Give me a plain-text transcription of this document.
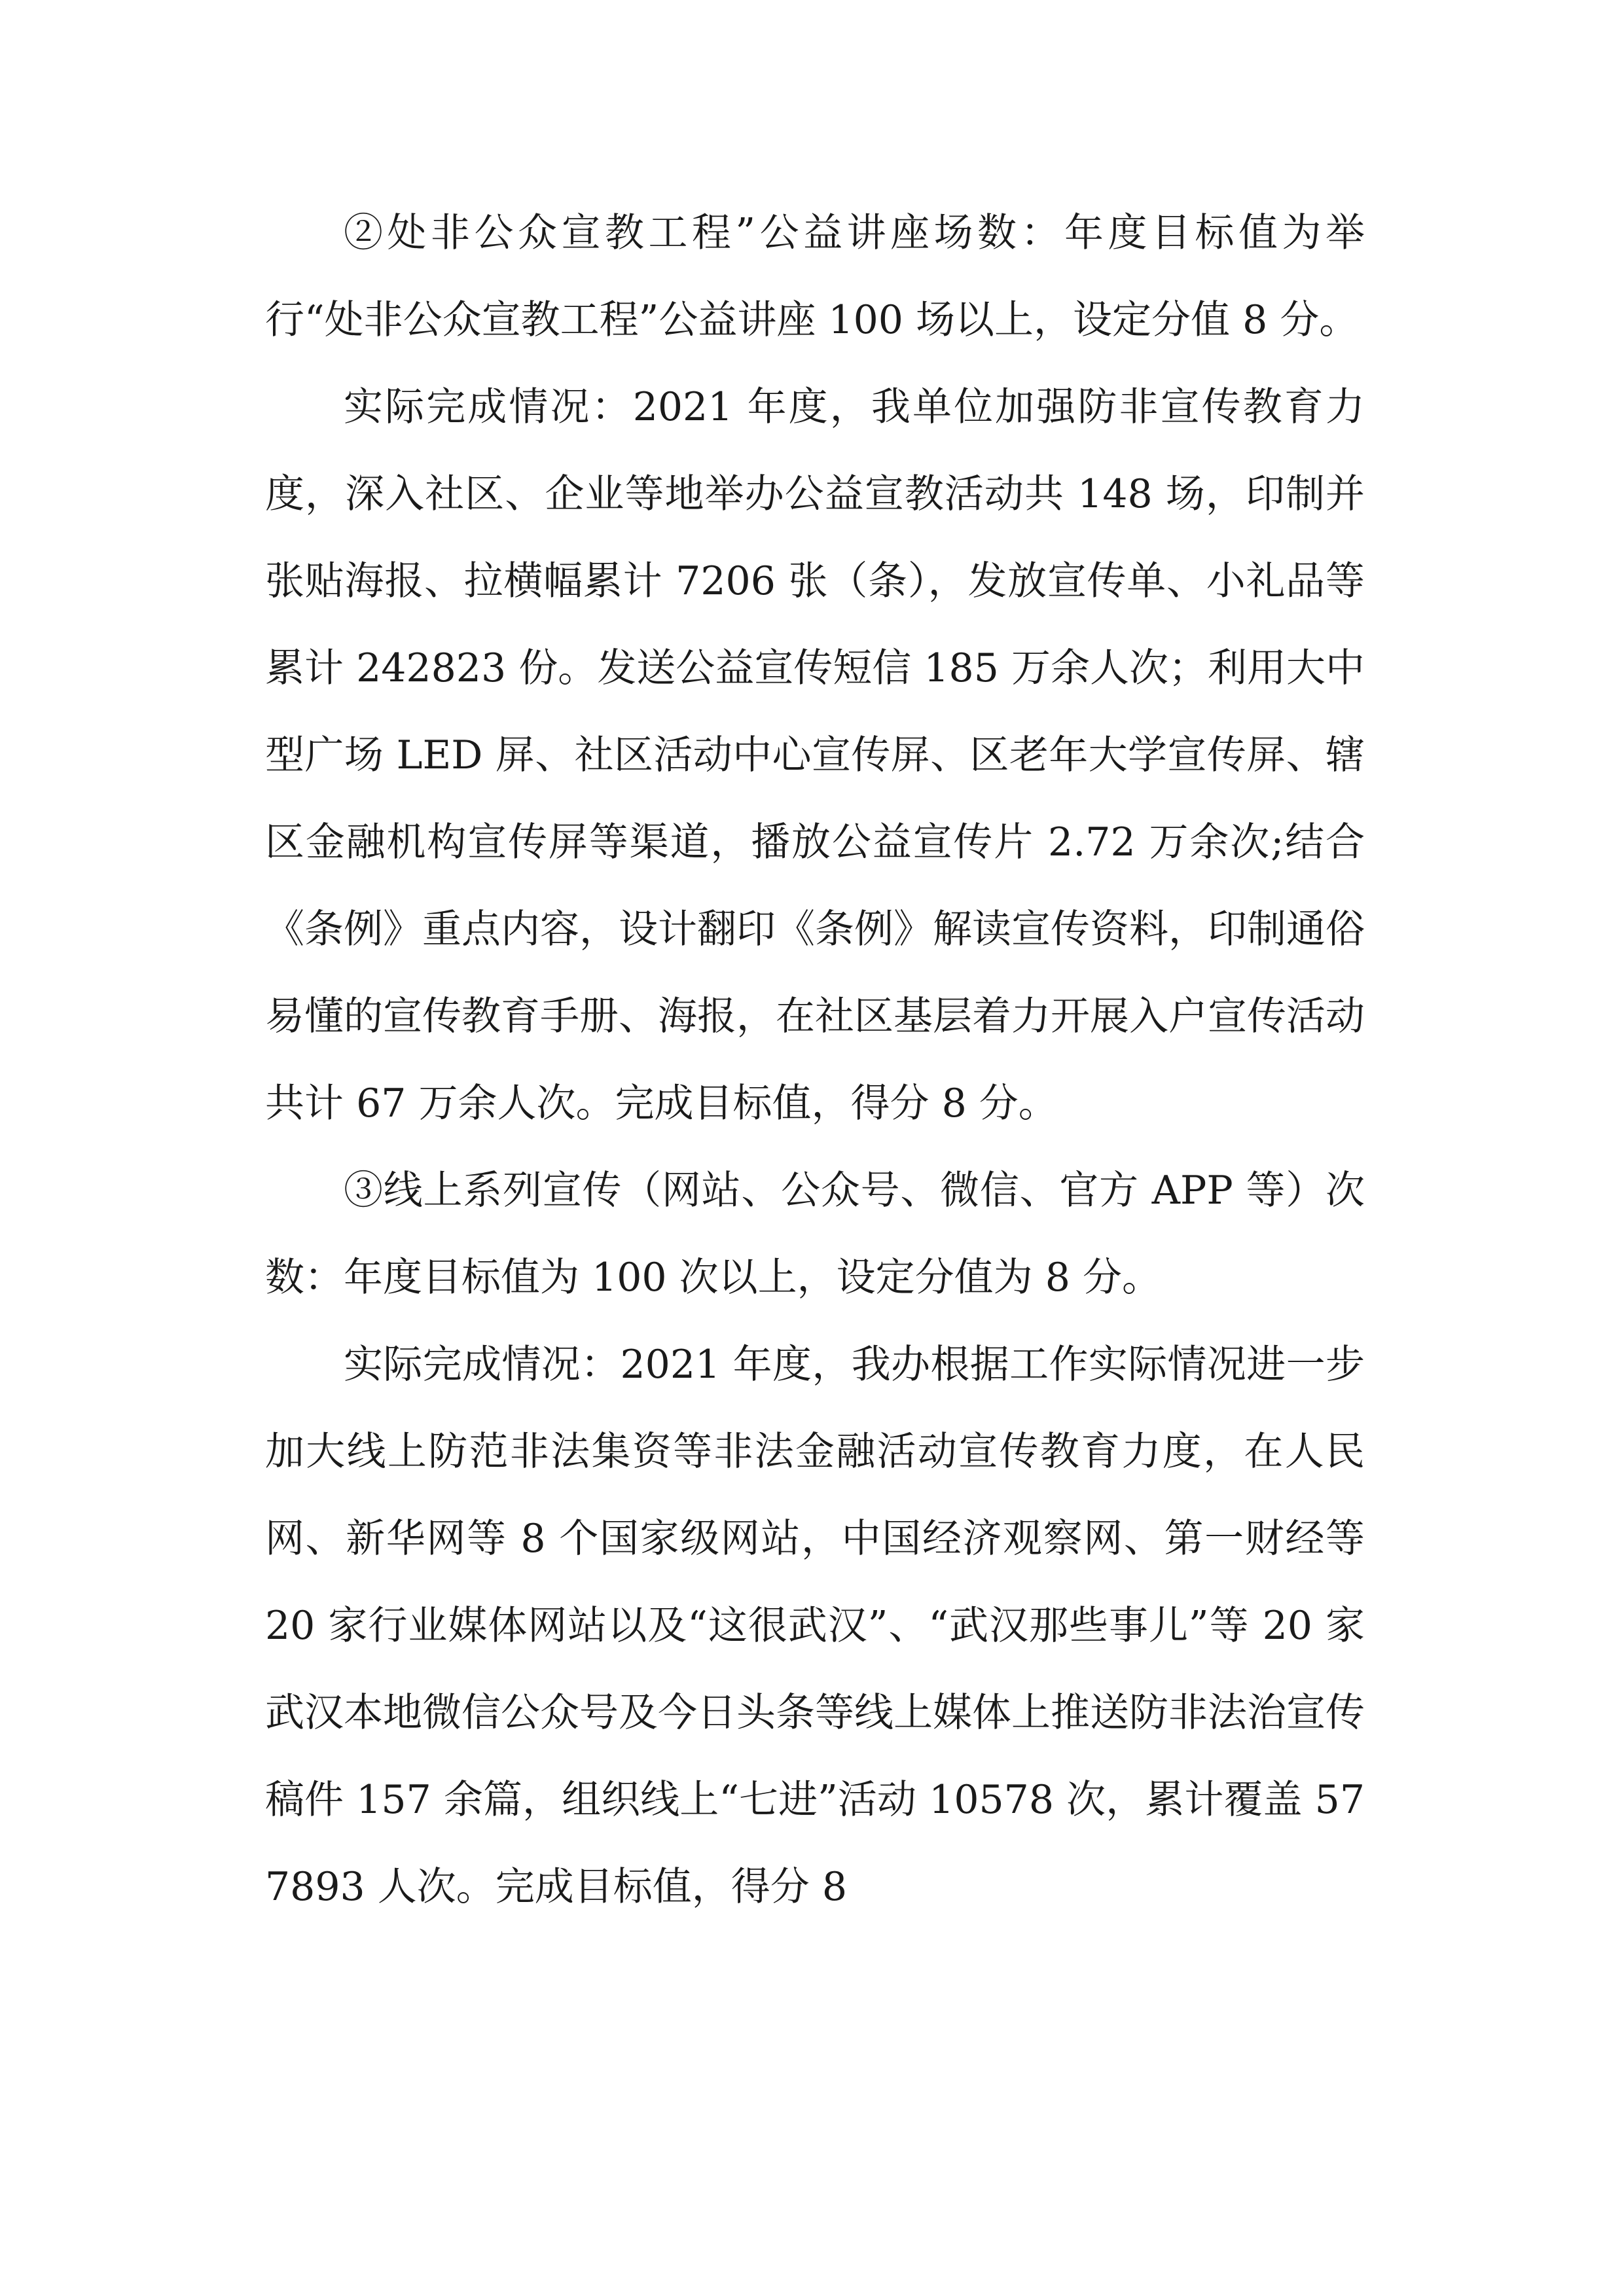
②处非公众宣教工程”公益讲座场数：年度目标值为举行“处非公众宣教工程”公益讲座 100 场以上，设定分值 8 分。

实际完成情况：2021 年度，我单位加强防非宣传教育力度，深入社区、企业等地举办公益宣教活动共 148 场，印制并张贴海报、拉横幅累计 7206 张（条），发放宣传单、小礼品等累计 242823 份。发送公益宣传短信 185 万余人次；利用大中型广场 LED 屏、社区活动中心宣传屏、区老年大学宣传屏、辖区金融机构宣传屏等渠道，播放公益宣传片 2.72 万余次;结合《条例》重点内容，设计翻印《条例》解读宣传资料，印制通俗易懂的宣传教育手册、海报，在社区基层着力开展入户宣传活动共计 67 万余人次。完成目标值，得分 8 分。

③线上系列宣传（网站、公众号、微信、官方 APP 等）次数：年度目标值为 100 次以上，设定分值为 8 分。

实际完成情况：2021 年度，我办根据工作实际情况进一步加大线上防范非法集资等非法金融活动宣传教育力度，在人民网、新华网等 8 个国家级网站，中国经济观察网、第一财经等 20 家行业媒体网站以及“这很武汉”、“武汉那些事儿”等 20 家武汉本地微信公众号及今日头条等线上媒体上推送防非法治宣传稿件 157 余篇，组织线上“七进”活动 10578 次，累计覆盖 577893 人次。完成目标值，得分 8
